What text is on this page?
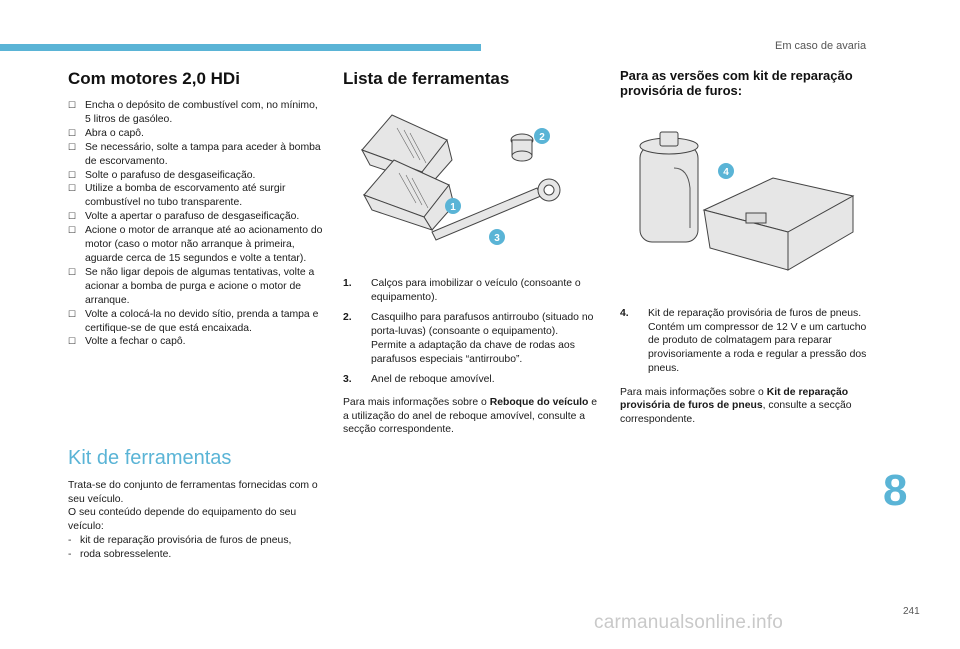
Em caso de avaria
Com motores 2,0 HDi
☐ Encha o depósito de combustível com, no mínimo, 5 litros de gasóleo.
☐ Abra o capô.
☐ Se necessário, solte a tampa para aceder à bomba de escorvamento.
☐ Solte o parafuso de desgaseificação.
☐ Utilize a bomba de escorvamento até surgir combustível no tubo transparente.
☐ Volte a apertar o parafuso de desgaseificação.
☐ Acione o motor de arranque até ao acionamento do motor (caso o motor não arranque à primeira, aguarde cerca de 15 segundos e volte a tentar).
☐ Se não ligar depois de algumas tentativas, volte a acionar a bomba de purga e acione o motor de arranque.
☐ Volte a colocá-la no devido sítio, prenda a tampa e certifique-se de que está encaixada.
☐ Volte a fechar o capô.
Kit de ferramentas

Trata-se do conjunto de ferramentas fornecidas com o seu veículo.

O seu conteúdo depende do equipamento do seu veículo:

- kit de reparação provisória de furos de pneus,
- roda sobresselente.
Lista de ferramentas
1
2
3
1. Calços para imobilizar o veículo (consoante o equipamento).
2. Casquilho para parafusos antirroubo (situado no porta-luvas) (consoante o equipamento).
Permite a adaptação da chave de rodas aos parafusos especiais “antirroubo”.
3. Anel de reboque amovível.

Para mais informações sobre o Reboque do veículo e a utilização do anel de reboque amovível, consulte a secção correspondente.

Para as versões com kit de reparação provisória de furos:
4
4. Kit de reparação provisória de furos de pneus.
Contém um compressor de 12 V e um cartucho de produto de colmatagem para reparar provisoriamente a roda e regular a pressão dos pneus.

Para mais informações sobre o Kit de reparação provisória de furos de pneus, consulte a secção correspondente.

8
241
carmanualsonline.info
